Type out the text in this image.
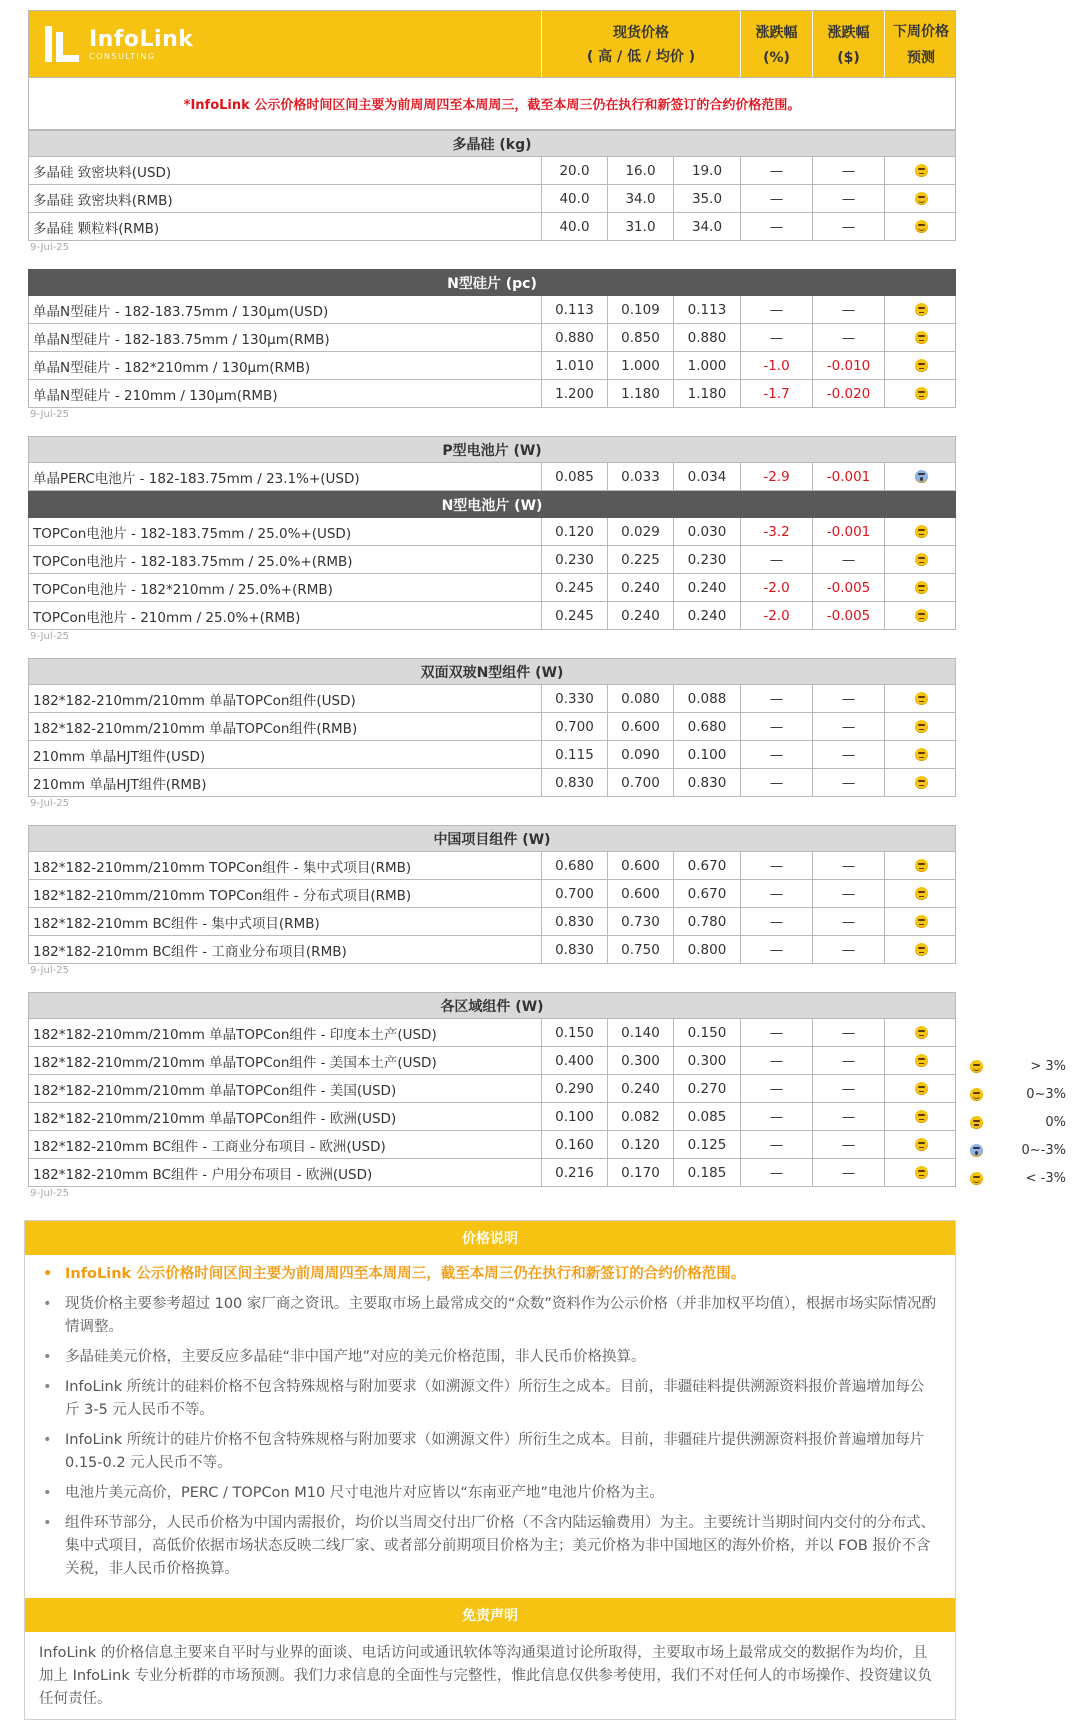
InfoLink
CONSULTING
现货价格
( 高 / 低 / 均价 )
涨跌幅
(%)
涨跌幅
($)
下周价格
预测
*InfoLink 公示价格时间区间主要为前周周四至本周周三，截至本周三仍在执行和新签订的合约价格范围。
多晶硅 (kg)
多晶硅 致密块料(USD)	20.0	16.0	19.0	—	—
多晶硅 致密块料(RMB)	40.0	34.0	35.0	—	—
多晶硅 颗粒料(RMB)	40.0	31.0	34.0	—	—
9-Jul-25
N型硅片 (pc)
单晶N型硅片 - 182-183.75mm / 130μm(USD)	0.113	0.109	0.113	—	—
单晶N型硅片 - 182-183.75mm / 130μm(RMB)	0.880	0.850	0.880	—	—
单晶N型硅片 - 182*210mm / 130μm(RMB)	1.010	1.000	1.000	-1.0	-0.010
单晶N型硅片 - 210mm / 130μm(RMB)	1.200	1.180	1.180	-1.7	-0.020
9-Jul-25
P型电池片 (W)
单晶PERC电池片 - 182-183.75mm / 23.1%+(USD)	0.085	0.033	0.034	-2.9	-0.001
N型电池片 (W)
TOPCon电池片 - 182-183.75mm / 25.0%+(USD)	0.120	0.029	0.030	-3.2	-0.001
TOPCon电池片 - 182-183.75mm / 25.0%+(RMB)	0.230	0.225	0.230	—	—
TOPCon电池片 - 182*210mm / 25.0%+(RMB)	0.245	0.240	0.240	-2.0	-0.005
TOPCon电池片 - 210mm / 25.0%+(RMB)	0.245	0.240	0.240	-2.0	-0.005
9-Jul-25
双面双玻N型组件 (W)
182*182-210mm/210mm 单晶TOPCon组件(USD)	0.330	0.080	0.088	—	—
182*182-210mm/210mm 单晶TOPCon组件(RMB)	0.700	0.600	0.680	—	—
210mm 单晶HJT组件(USD)	0.115	0.090	0.100	—	—
210mm 单晶HJT组件(RMB)	0.830	0.700	0.830	—	—
9-Jul-25
中国项目组件 (W)
182*182-210mm/210mm TOPCon组件 - 集中式项目(RMB)	0.680	0.600	0.670	—	—
182*182-210mm/210mm TOPCon组件 - 分布式项目(RMB)	0.700	0.600	0.670	—	—
182*182-210mm BC组件 - 集中式项目(RMB)	0.830	0.730	0.780	—	—
182*182-210mm BC组件 - 工商业分布项目(RMB)	0.830	0.750	0.800	—	—
9-Jul-25
各区域组件 (W)
182*182-210mm/210mm 单晶TOPCon组件 - 印度本土产(USD)	0.150	0.140	0.150	—	—
182*182-210mm/210mm 单晶TOPCon组件 - 美国本土产(USD)	0.400	0.300	0.300	—	—
182*182-210mm/210mm 单晶TOPCon组件 - 美国(USD)	0.290	0.240	0.270	—	—
182*182-210mm/210mm 单晶TOPCon组件 - 欧洲(USD)	0.100	0.082	0.085	—	—
182*182-210mm BC组件 - 工商业分布项目 - 欧洲(USD)	0.160	0.120	0.125	—	—
182*182-210mm BC组件 - 户用分布项目 - 欧洲(USD)	0.216	0.170	0.185	—	—
9-Jul-25
> 3%
0~3%
0%
0~-3%
< -3%
价格说明
• InfoLink 公示价格时间区间主要为前周周四至本周周三，截至本周三仍在执行和新签订的合约价格范围。
• 现货价格主要参考超过 100 家厂商之资讯。主要取市场上最常成交的“众数”资料作为公示价格（并非加权平均值），根据市场实际情况酌情调整。
• 多晶硅美元价格，主要反应多晶硅“非中国产地”对应的美元价格范围，非人民币价格换算。
• InfoLink 所统计的硅料价格不包含特殊规格与附加要求（如溯源文件）所衍生之成本。目前，非疆硅料提供溯源资料报价普遍增加每公斤 3-5 元人民币不等。
• InfoLink 所统计的硅片价格不包含特殊规格与附加要求（如溯源文件）所衍生之成本。目前，非疆硅片提供溯源资料报价普遍增加每片 0.15-0.2 元人民币不等。
• 电池片美元高价，PERC / TOPCon M10 尺寸电池片对应皆以“东南亚产地”电池片价格为主。
• 组件环节部分，人民币价格为中国内需报价，均价以当周交付出厂价格（不含内陆运输费用）为主。主要统计当期时间内交付的分布式、集中式项目，高低价依据市场状态反映二线厂家、或者部分前期项目价格为主；美元价格为非中国地区的海外价格，并以 FOB 报价不含关税，非人民币价格换算。
免责声明
InfoLink 的价格信息主要来自平时与业界的面谈、电话访问或通讯软体等沟通渠道讨论所取得，主要取市场上最常成交的数据作为均价，且加上 InfoLink 专业分析群的市场预测。我们力求信息的全面性与完整性，惟此信息仅供参考使用，我们不对任何人的市场操作、投资建议负任何责任。
